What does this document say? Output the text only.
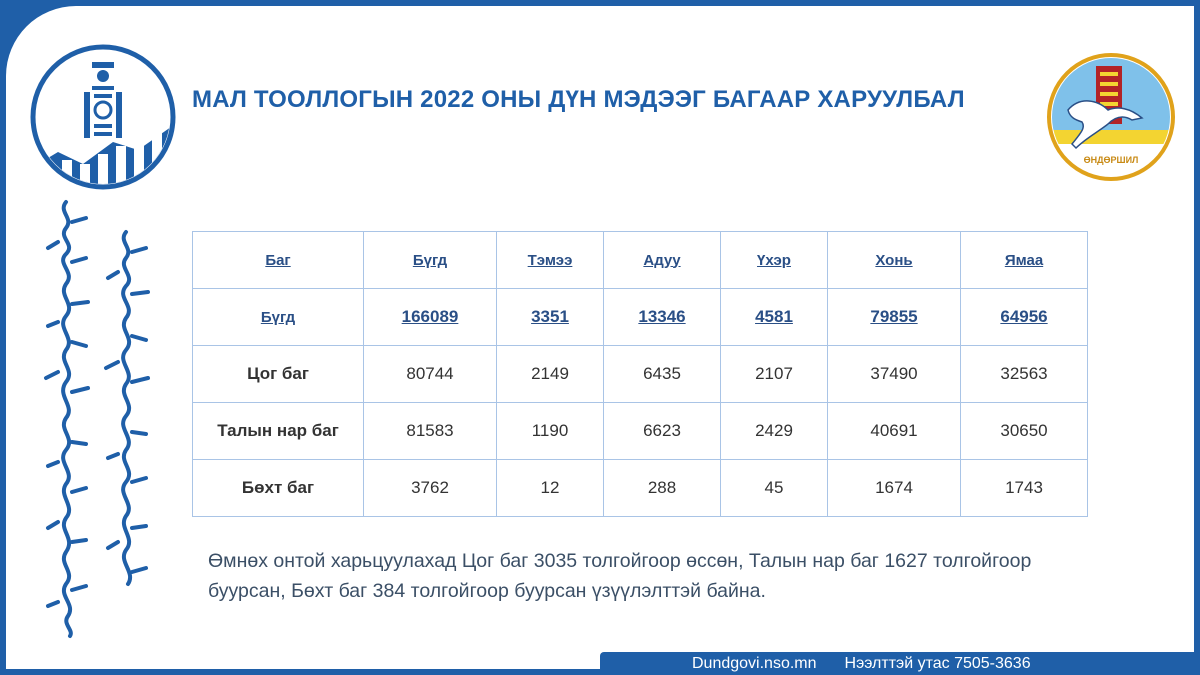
МАЛ ТООЛЛОГЫН 2022 ОНЫ ДҮН МЭДЭЭГ БАГААР ХАРУУЛБАЛ
ӨНДӨРШИЛ
Баг	Бүгд	Тэмээ	Адуу	Үхэр	Хонь	Ямаа
Бүгд	166089	3351	13346	4581	79855	64956
Цог баг	80744	2149	6435	2107	37490	32563
Талын нар баг	81583	1190	6623	2429	40691	30650
Бөхт баг	3762	12	288	45	1674	1743
Өмнөх онтой харьцуулахад Цог баг 3035 толгойгоор өссөн, Талын нар баг 1627 толгойгоор буурсан, Бөхт баг 384 толгойгоор буурсан үзүүлэлттэй байна.
Dundgovi.nso.mn Нээлттэй утас 7505-3636
